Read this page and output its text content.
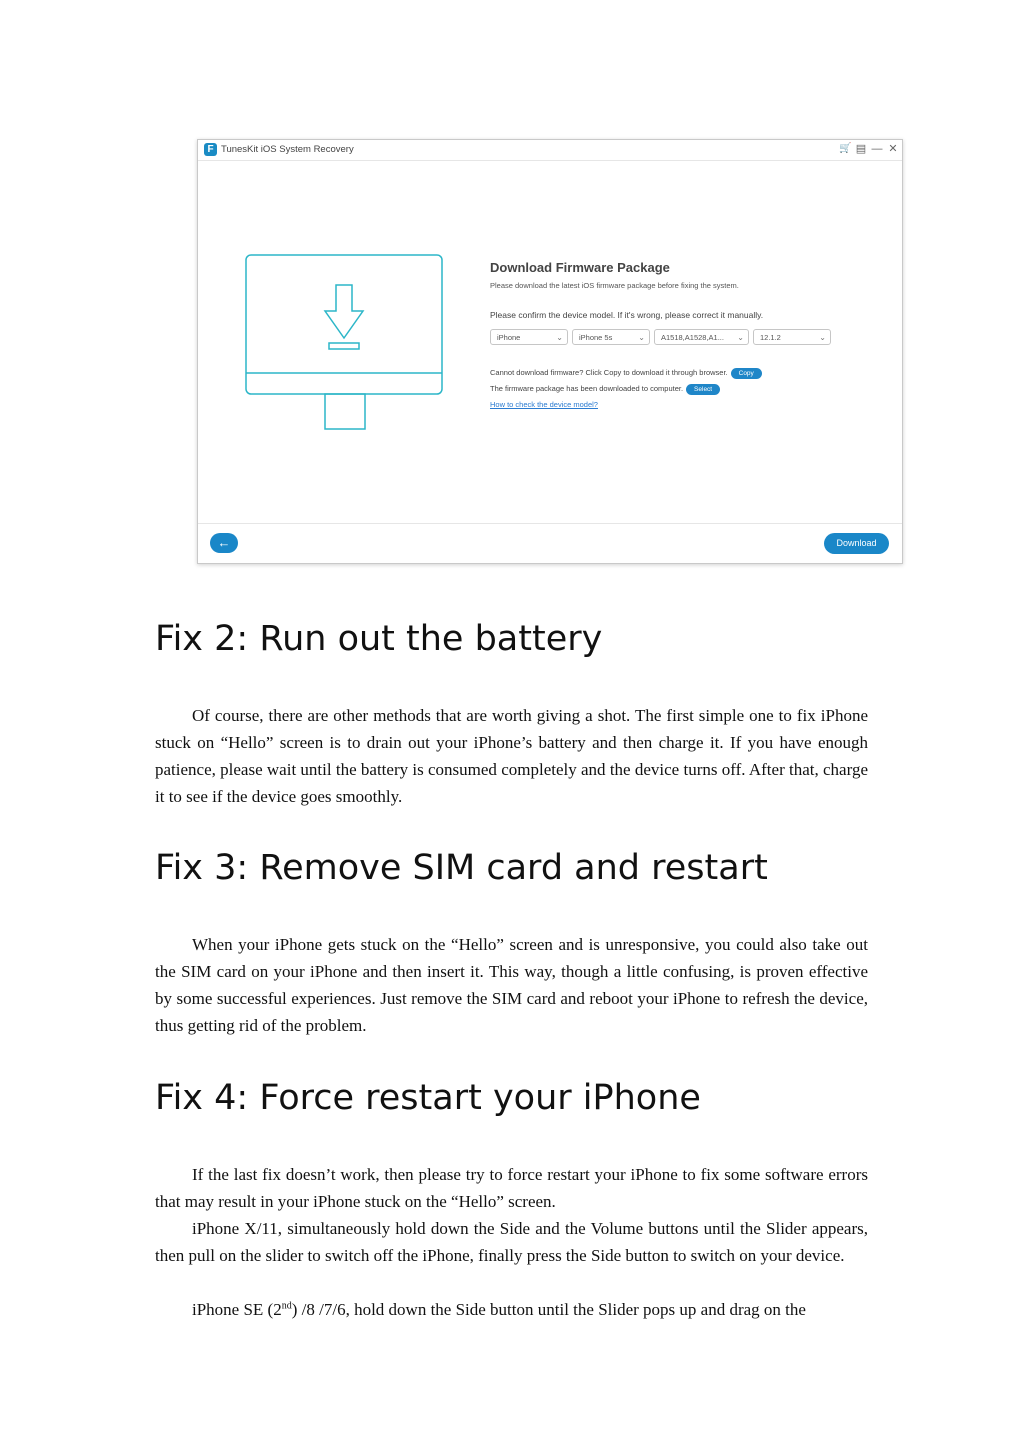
F TunesKit iOS System Recovery	🛒 ▤ — ✕
Download Firmware Package
Please download the latest iOS firmware package before fixing the system.
Please confirm the device model. If it's wrong, please correct it manually.
iPhone	⌄	iPhone 5s	⌄	A1518,A1528,A1... ⌄	12.1.2	⌄
Cannot download firmware? Click Copy to download it through browser.	Copy
The firmware package has been downloaded to computer.	Select
How to check the device model?
←	Download
Fix 2: Run out the battery

Of course, there are other methods that are worth giving a shot. The first simple one to fix iPhone stuck on “Hello” screen is to drain out your iPhone’s battery and then charge it. If you have enough patience, please wait until the battery is consumed completely and the device turns off. After that, charge it to see if the device goes smoothly.

Fix 3: Remove SIM card and restart

When your iPhone gets stuck on the “Hello” screen and is unresponsive, you could also take out the SIM card on your iPhone and then insert it. This way, though a little confusing, is proven effective by some successful experiences. Just remove the SIM card and reboot your iPhone to refresh the device, thus getting rid of the problem.

Fix 4: Force restart your iPhone

If the last fix doesn’t work, then please try to force restart your iPhone to fix some software errors that may result in your iPhone stuck on the “Hello” screen.

iPhone X/11, simultaneously hold down the Side and the Volume buttons until the Slider appears, then pull on the slider to switch off the iPhone, finally press the Side button to switch on your device.

iPhone SE (2nd) /8 /7/6, hold down the Side button until the Slider pops up and drag on the
